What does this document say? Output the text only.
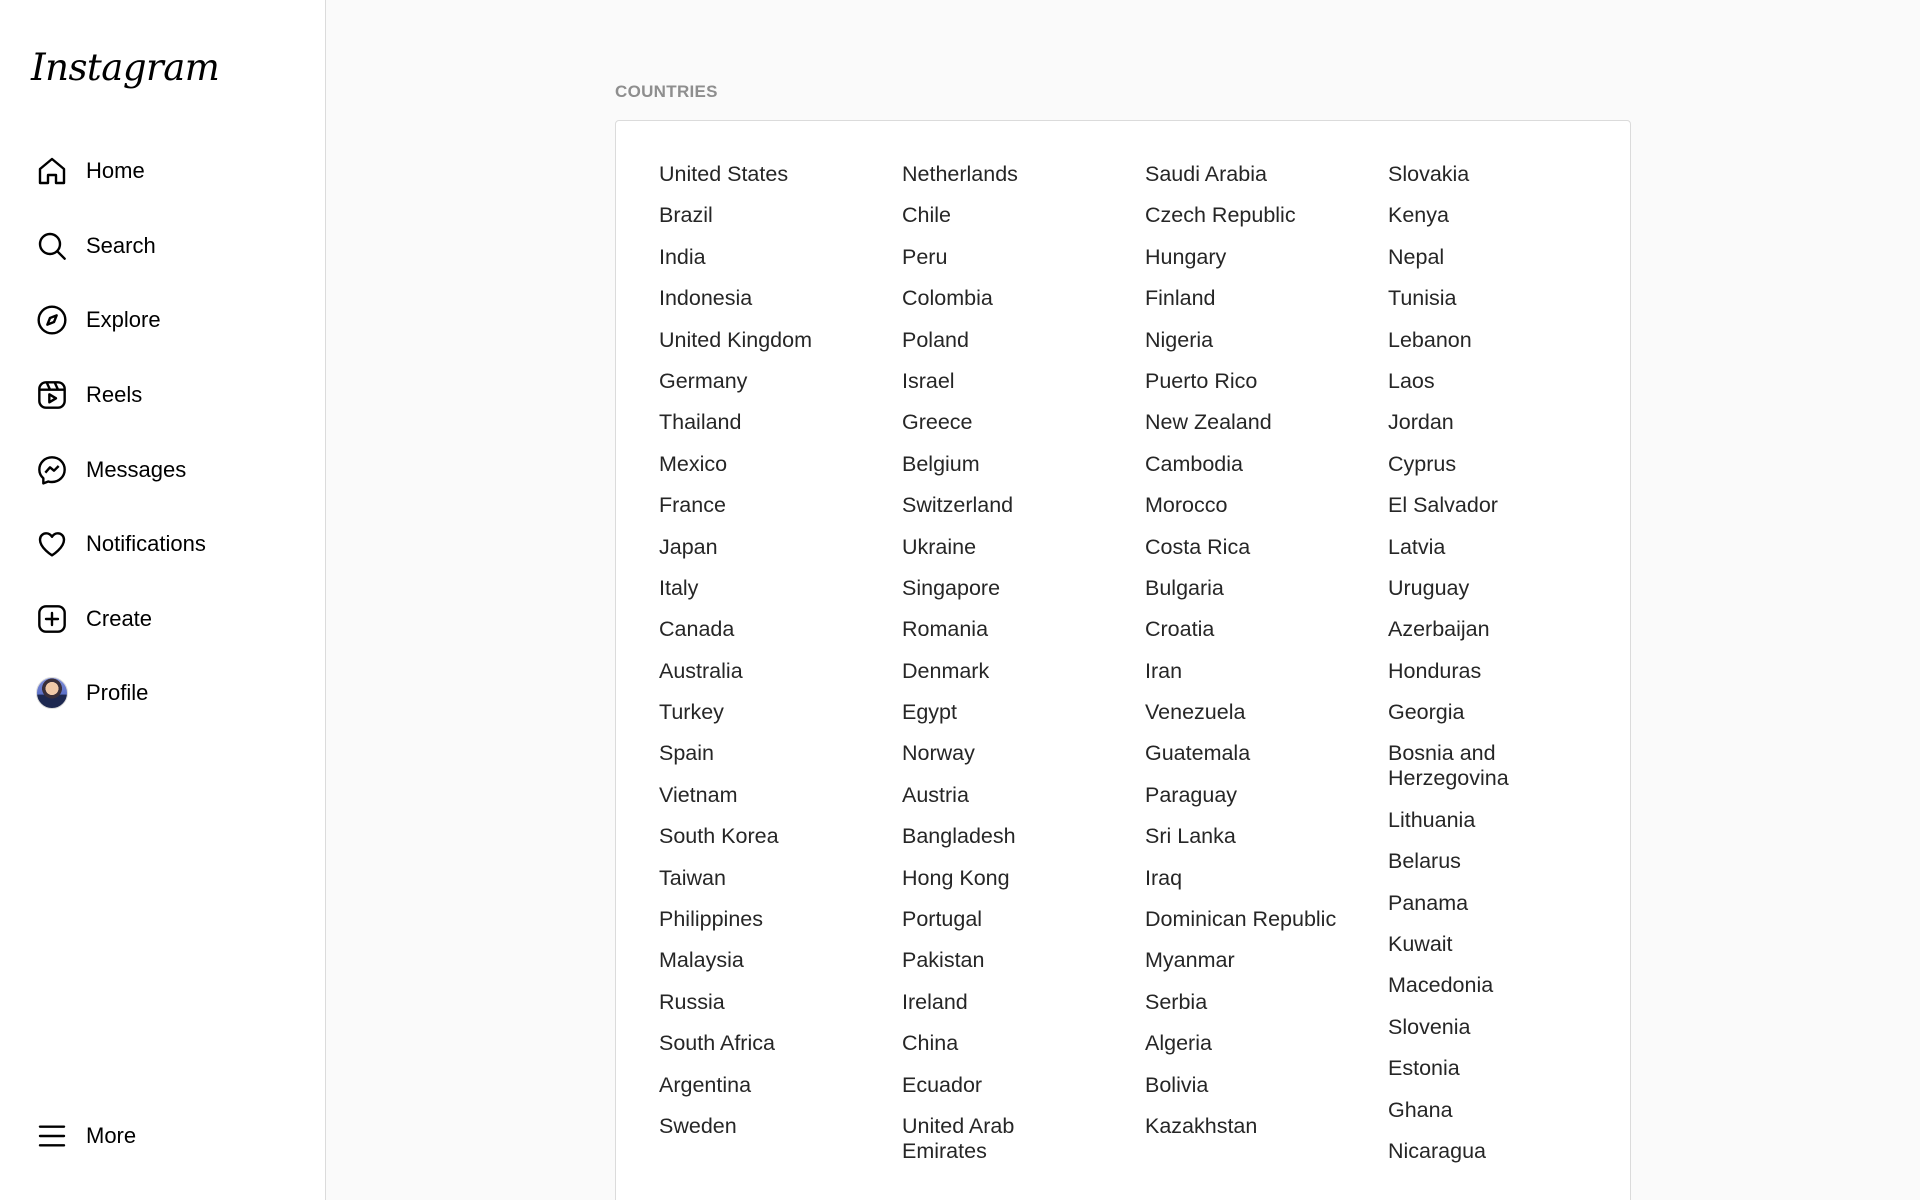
Instagram
Home
Search
Explore
Reels
Messages
Notifications
Create
Profile
More
COUNTRIES
United States
Brazil
India
Indonesia
United Kingdom
Germany
Thailand
Mexico
France
Japan
Italy
Canada
Australia
Turkey
Spain
Vietnam
South Korea
Taiwan
Philippines
Malaysia
Russia
South Africa
Argentina
Sweden
Netherlands
Chile
Peru
Colombia
Poland
Israel
Greece
Belgium
Switzerland
Ukraine
Singapore
Romania
Denmark
Egypt
Norway
Austria
Bangladesh
Hong Kong
Portugal
Pakistan
Ireland
China
Ecuador
United Arab Emirates
Saudi Arabia
Czech Republic
Hungary
Finland
Nigeria
Puerto Rico
New Zealand
Cambodia
Morocco
Costa Rica
Bulgaria
Croatia
Iran
Venezuela
Guatemala
Paraguay
Sri Lanka
Iraq
Dominican Republic
Myanmar
Serbia
Algeria
Bolivia
Kazakhstan
Slovakia
Kenya
Nepal
Tunisia
Lebanon
Laos
Jordan
Cyprus
El Salvador
Latvia
Uruguay
Azerbaijan
Honduras
Georgia
Bosnia and Herzegovina
Lithuania
Belarus
Panama
Kuwait
Macedonia
Slovenia
Estonia
Ghana
Nicaragua
